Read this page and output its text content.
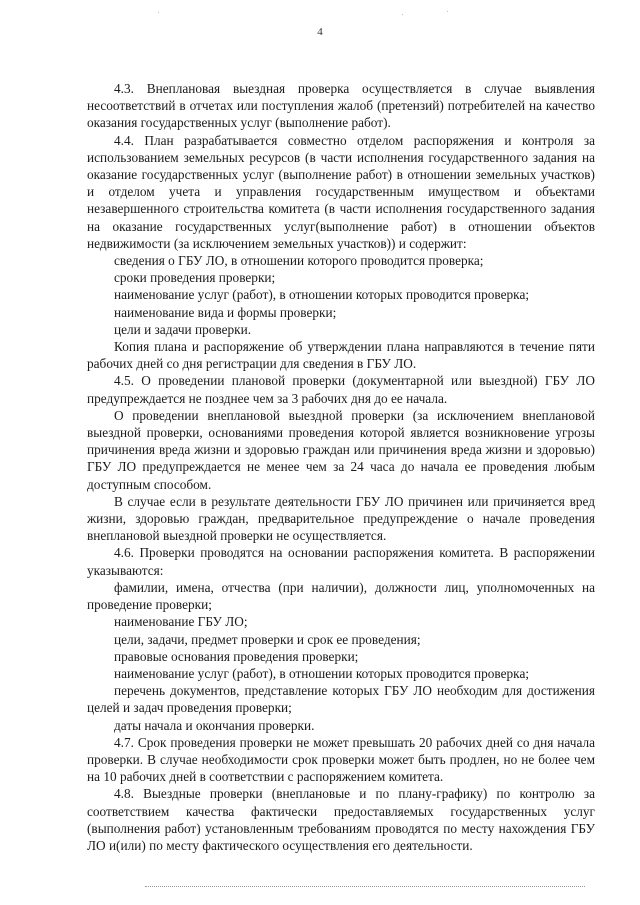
4

4.3. Внеплановая выездная проверка осуществляется в случае выявления несоответствий в отчетах или поступления жалоб (претензий) потребителей на качество оказания государственных услуг (выполнение работ).

4.4. План разрабатывается совместно отделом распоряжения и контроля за использованием земельных ресурсов (в части исполнения государственного задания на оказание государственных услуг (выполнение работ) в отношении земельных участков) и отделом учета и управления государственным имуществом и объектами незавершенного строительства комитета (в части исполнения государственного задания на оказание государственных услуг(выполнение работ) в отношении объектов недвижимости (за исключением земельных участков)) и содержит:

сведения о ГБУ ЛО, в отношении которого проводится проверка;

сроки проведения проверки;

наименование услуг (работ), в отношении которых проводится проверка;

наименование вида и формы проверки;

цели и задачи проверки.

Копия плана и распоряжение об утверждении плана направляются в течение пяти рабочих дней со дня регистрации для сведения в ГБУ ЛО.

4.5. О проведении плановой проверки (документарной или выездной) ГБУ ЛО предупреждается не позднее чем за 3 рабочих дня до ее начала.

О проведении внеплановой выездной проверки (за исключением внеплановой выездной проверки, основаниями проведения которой является возникновение угрозы причинения вреда жизни и здоровью граждан или причинения вреда жизни и здоровью) ГБУ ЛО предупреждается не менее чем за 24 часа до начала ее проведения любым доступным способом.

В случае если в результате деятельности ГБУ ЛО причинен или причиняется вред жизни, здоровью граждан, предварительное предупреждение о начале проведения внеплановой выездной проверки не осуществляется.

4.6. Проверки проводятся на основании распоряжения комитета. В распоряжении указываются:

фамилии, имена, отчества (при наличии), должности лиц, уполномоченных на проведение проверки;

наименование ГБУ ЛО;

цели, задачи, предмет проверки и срок ее проведения;

правовые основания проведения проверки;

наименование услуг (работ), в отношении которых проводится проверка;

перечень документов, представление которых ГБУ ЛО необходим для достижения целей и задач проведения проверки;

даты начала и окончания проверки.

4.7. Срок проведения проверки не может превышать 20 рабочих дней со дня начала проверки. В случае необходимости срок проверки может быть продлен, но не более чем на 10 рабочих дней в соответствии с распоряжением комитета.

4.8. Выездные проверки (внеплановые и по плану-графику) по контролю за соответствием качества фактически предоставляемых государственных услуг (выполнения работ) установленным требованиям проводятся по месту нахождения ГБУ ЛО и(или) по месту фактического осуществления его деятельности.
